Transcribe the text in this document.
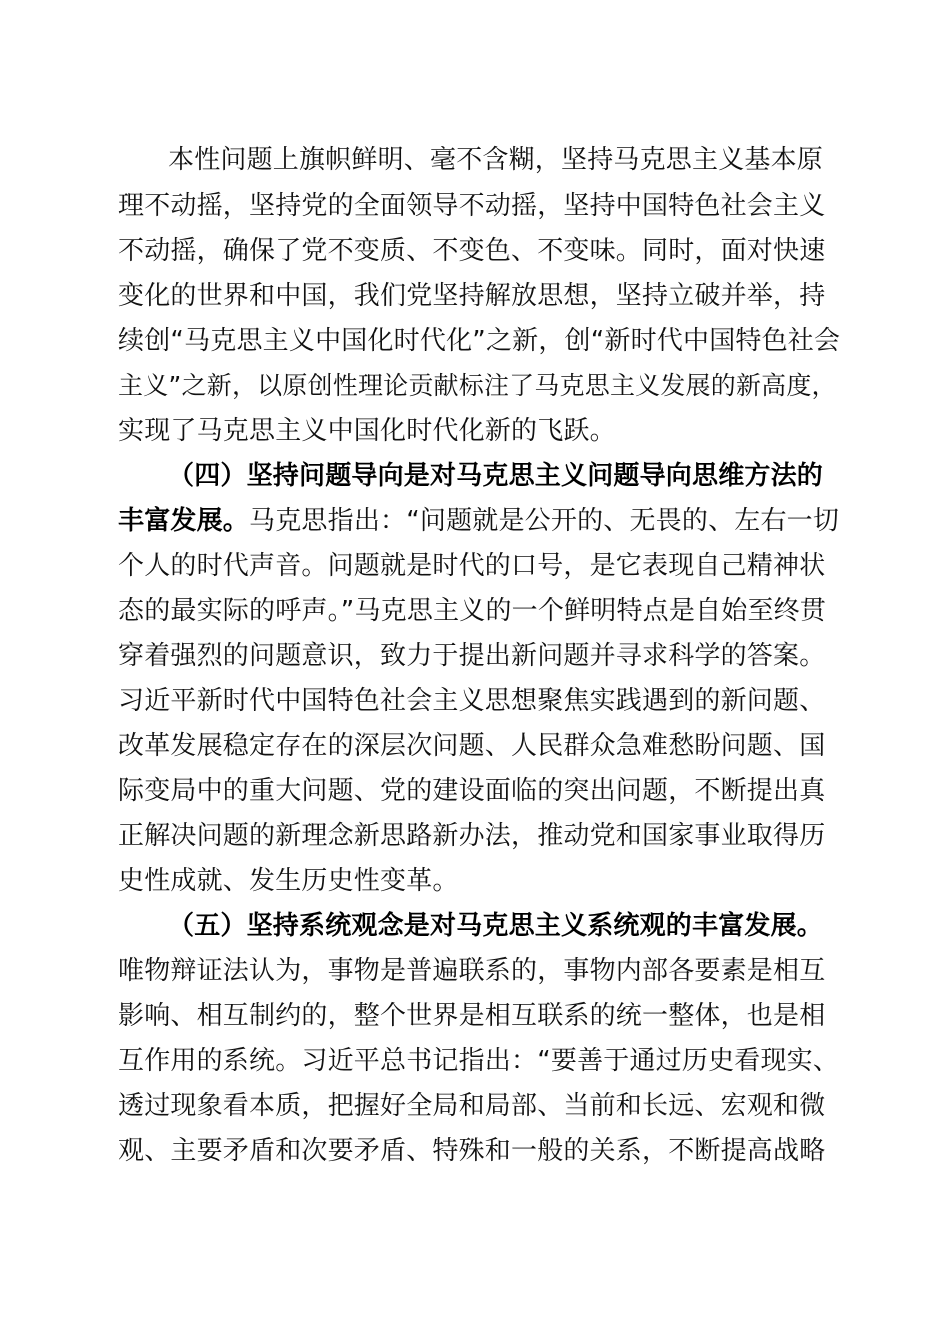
本性问题上旗帜鲜明、毫不含糊，坚持马克思主义基本原
理不动摇，坚持党的全面领导不动摇，坚持中国特色社会主义
不动摇，确保了党不变质、不变色、不变味。同时，面对快速
变化的世界和中国，我们党坚持解放思想，坚持立破并举，持
续创“马克思主义中国化时代化”之新，创“新时代中国特色社会
主义”之新，以原创性理论贡献标注了马克思主义发展的新高度，
实现了马克思主义中国化时代化新的飞跃。
（四）坚持问题导向是对马克思主义问题导向思维方法的
丰富发展。马克思指出：“问题就是公开的、无畏的、左右一切
个人的时代声音。问题就是时代的口号，是它表现自己精神状
态的最实际的呼声。”马克思主义的一个鲜明特点是自始至终贯
穿着强烈的问题意识，致力于提出新问题并寻求科学的答案。
习近平新时代中国特色社会主义思想聚焦实践遇到的新问题、
改革发展稳定存在的深层次问题、人民群众急难愁盼问题、国
际变局中的重大问题、党的建设面临的突出问题，不断提出真
正解决问题的新理念新思路新办法，推动党和国家事业取得历
史性成就、发生历史性变革。
（五）坚持系统观念是对马克思主义系统观的丰富发展。
唯物辩证法认为，事物是普遍联系的，事物内部各要素是相互
影响、相互制约的，整个世界是相互联系的统一整体，也是相
互作用的系统。习近平总书记指出：“要善于通过历史看现实、
透过现象看本质，把握好全局和局部、当前和长远、宏观和微
观、主要矛盾和次要矛盾、特殊和一般的关系，不断提高战略
